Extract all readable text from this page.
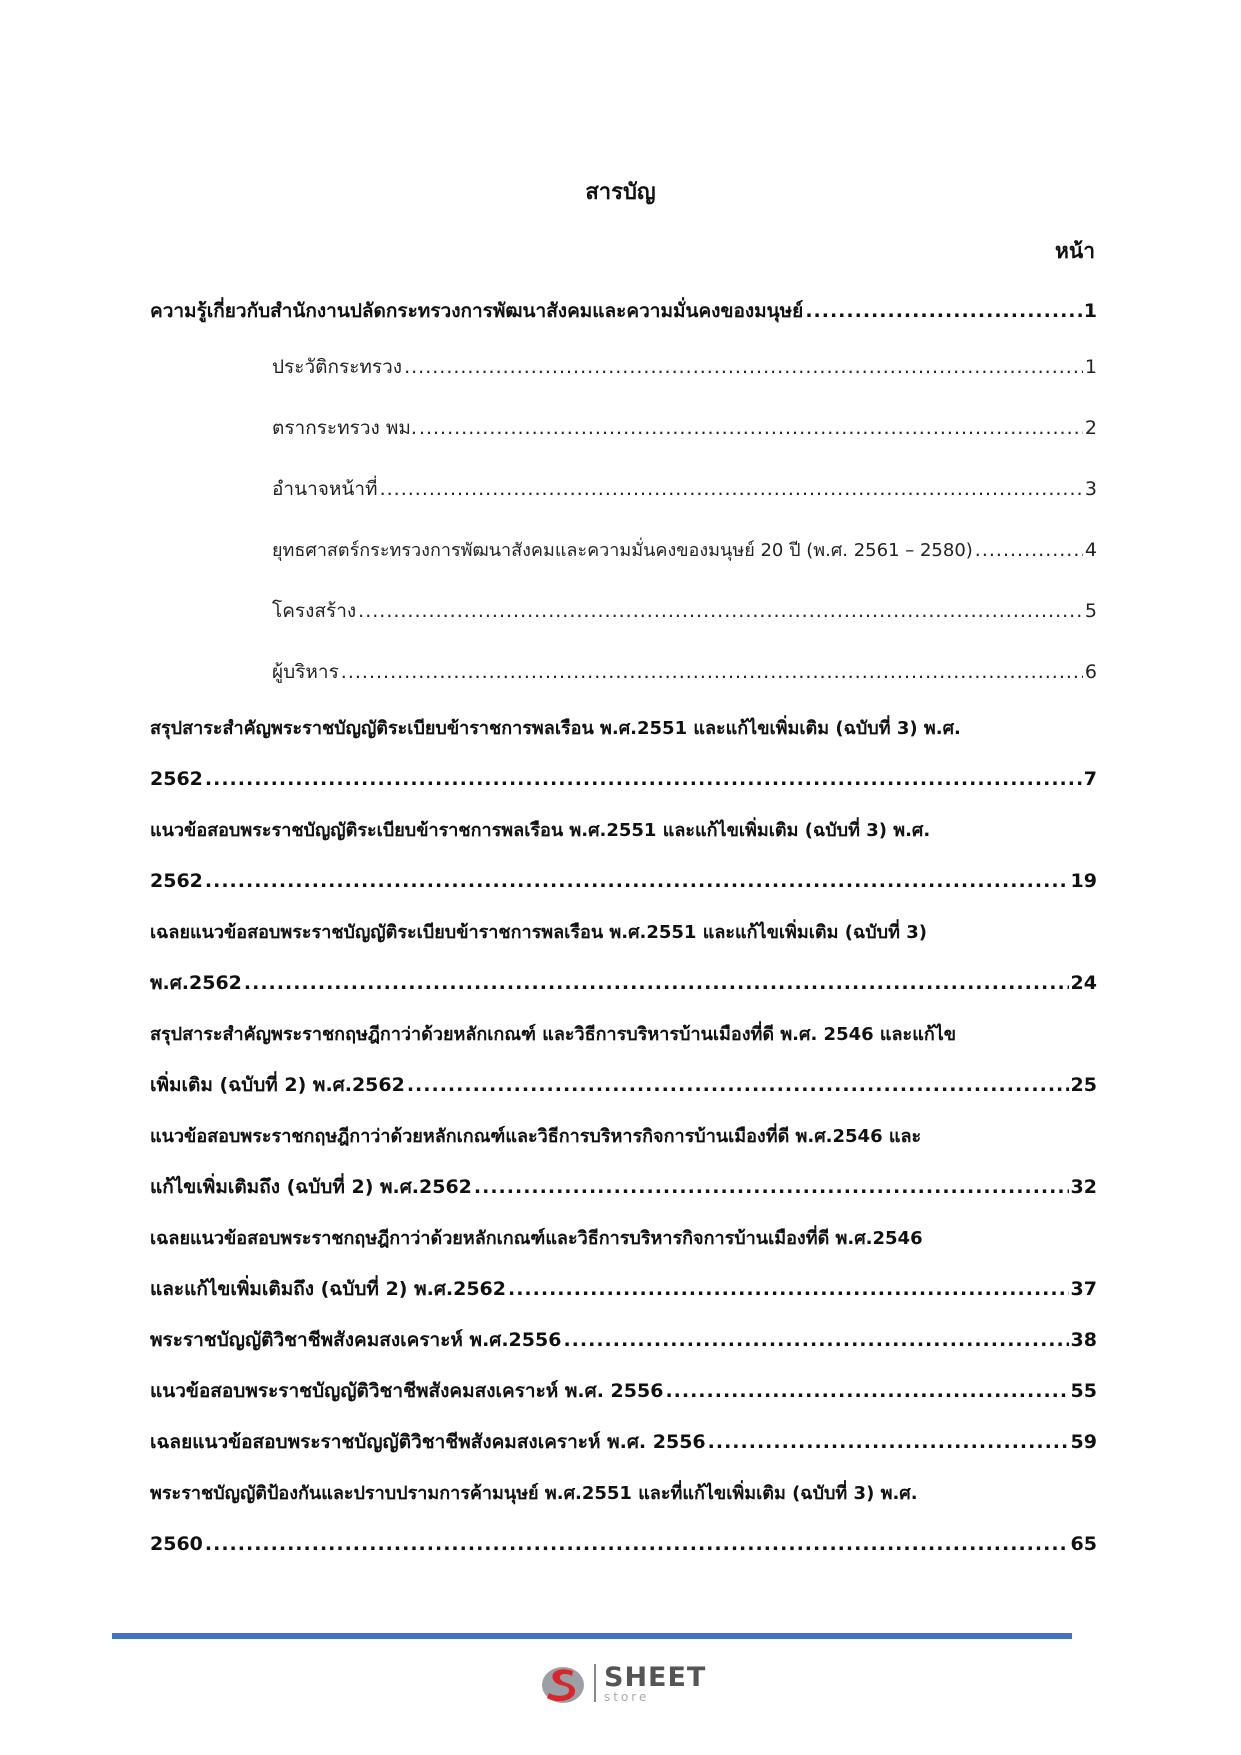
สารบัญ
หน้า
ความรู้เกี่ยวกับสำนักงานปลัดกระทรวงการพัฒนาสังคมและความมั่นคงของมนุษย์ .....	1
ประวัติกระทรวง .....	1
ตรากระทรวง พม. .....	2
อำนาจหน้าที่ .....	3
ยุทธศาสตร์กระทรวงการพัฒนาสังคมและความมั่นคงของมนุษย์ 20 ปี (พ.ศ. 2561 – 2580) .....	4
โครงสร้าง .....	5
ผู้บริหาร .....	6
สรุปสาระสำคัญพระราชบัญญัติระเบียบข้าราชการพลเรือน พ.ศ.2551 และแก้ไขเพิ่มเติม (ฉบับที่ 3) พ.ศ.
2562 .....	7
แนวข้อสอบพระราชบัญญัติระเบียบข้าราชการพลเรือน พ.ศ.2551 และแก้ไขเพิ่มเติม (ฉบับที่ 3) พ.ศ.
2562 .....	19
เฉลยแนวข้อสอบพระราชบัญญัติระเบียบข้าราชการพลเรือน พ.ศ.2551 และแก้ไขเพิ่มเติม (ฉบับที่ 3)
พ.ศ.2562 .....	24
สรุปสาระสำคัญพระราชกฤษฎีกาว่าด้วยหลักเกณฑ์ และวิธีการบริหารบ้านเมืองที่ดี พ.ศ. 2546 และแก้ไข
เพิ่มเติม (ฉบับที่ 2) พ.ศ.2562 .....	25
แนวข้อสอบพระราชกฤษฎีกาว่าด้วยหลักเกณฑ์และวิธีการบริหารกิจการบ้านเมืองที่ดี พ.ศ.2546 และ
แก้ไขเพิ่มเติมถึง (ฉบับที่ 2) พ.ศ.2562 .....	32
เฉลยแนวข้อสอบพระราชกฤษฎีกาว่าด้วยหลักเกณฑ์และวิธีการบริหารกิจการบ้านเมืองที่ดี พ.ศ.2546
และแก้ไขเพิ่มเติมถึง (ฉบับที่ 2) พ.ศ.2562 .....	37
พระราชบัญญัติวิชาชีพสังคมสงเคราะห์ พ.ศ.2556 .....	38
แนวข้อสอบพระราชบัญญัติวิชาชีพสังคมสงเคราะห์ พ.ศ. 2556 .....	55
เฉลยแนวข้อสอบพระราชบัญญัติวิชาชีพสังคมสงเคราะห์ พ.ศ. 2556 .....	59
พระราชบัญญัติป้องกันและปราบปรามการค้ามนุษย์ พ.ศ.2551 และที่แก้ไขเพิ่มเติม (ฉบับที่ 3) พ.ศ.
2560 .....	65
SHEET
store
